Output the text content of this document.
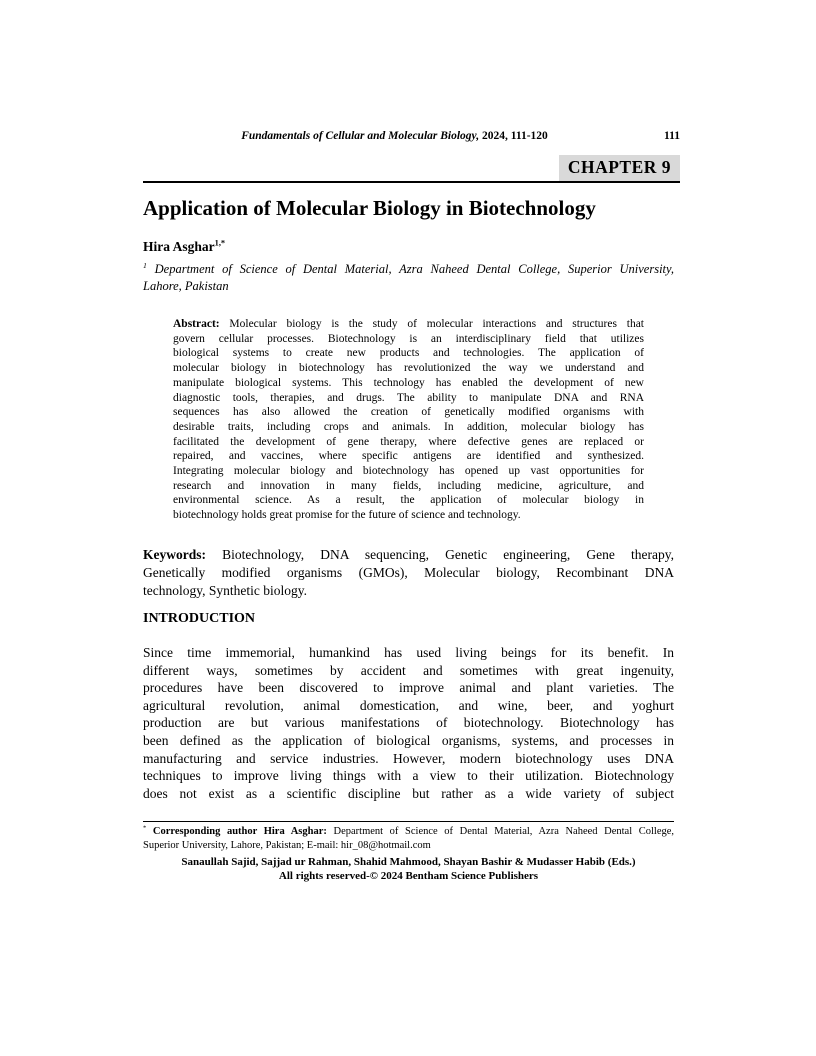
Fundamentals of Cellular and Molecular Biology, 2024, 111-120	111
CHAPTER 9
Application of Molecular Biology in Biotechnology
Hira Asghar$^{1,*}$
$^1$ Department of Science of Dental Material, Azra Naheed Dental College, Superior University,
Lahore, Pakistan
Abstract: Molecular biology is the study of molecular interactions and structures that
govern cellular processes. Biotechnology is an interdisciplinary field that utilizes
biological systems to create new products and technologies. The application of
molecular biology in biotechnology has revolutionized the way we understand and
manipulate biological systems. This technology has enabled the development of new
diagnostic tools, therapies, and drugs. The ability to manipulate DNA and RNA
sequences has also allowed the creation of genetically modified organisms with
desirable traits, including crops and animals. In addition, molecular biology has
facilitated the development of gene therapy, where defective genes are replaced or
repaired, and vaccines, where specific antigens are identified and synthesized.
Integrating molecular biology and biotechnology has opened up vast opportunities for
research and innovation in many fields, including medicine, agriculture, and
environmental science. As a result, the application of molecular biology in
biotechnology holds great promise for the future of science and technology.
Keywords: Biotechnology, DNA sequencing, Genetic engineering, Gene therapy,
Genetically modified organisms (GMOs), Molecular biology, Recombinant DNA
technology, Synthetic biology.
INTRODUCTION
Since time immemorial, humankind has used living beings for its benefit. In
different ways, sometimes by accident and sometimes with great ingenuity,
procedures have been discovered to improve animal and plant varieties. The
agricultural revolution, animal domestication, and wine, beer, and yoghurt
production are but various manifestations of biotechnology. Biotechnology has
been defined as the application of biological organisms, systems, and processes in
manufacturing and service industries. However, modern biotechnology uses DNA
techniques to improve living things with a view to their utilization. Biotechnology
does not exist as a scientific discipline but rather as a wide variety of subject
* Corresponding author Hira Asghar: Department of Science of Dental Material, Azra Naheed Dental College,
Superior University, Lahore, Pakistan; E-mail: hir_08@hotmail.com
Sanaullah Sajid, Sajjad ur Rahman, Shahid Mahmood, Shayan Bashir & Mudasser Habib (Eds.)
All rights reserved-© 2024 Bentham Science Publishers
